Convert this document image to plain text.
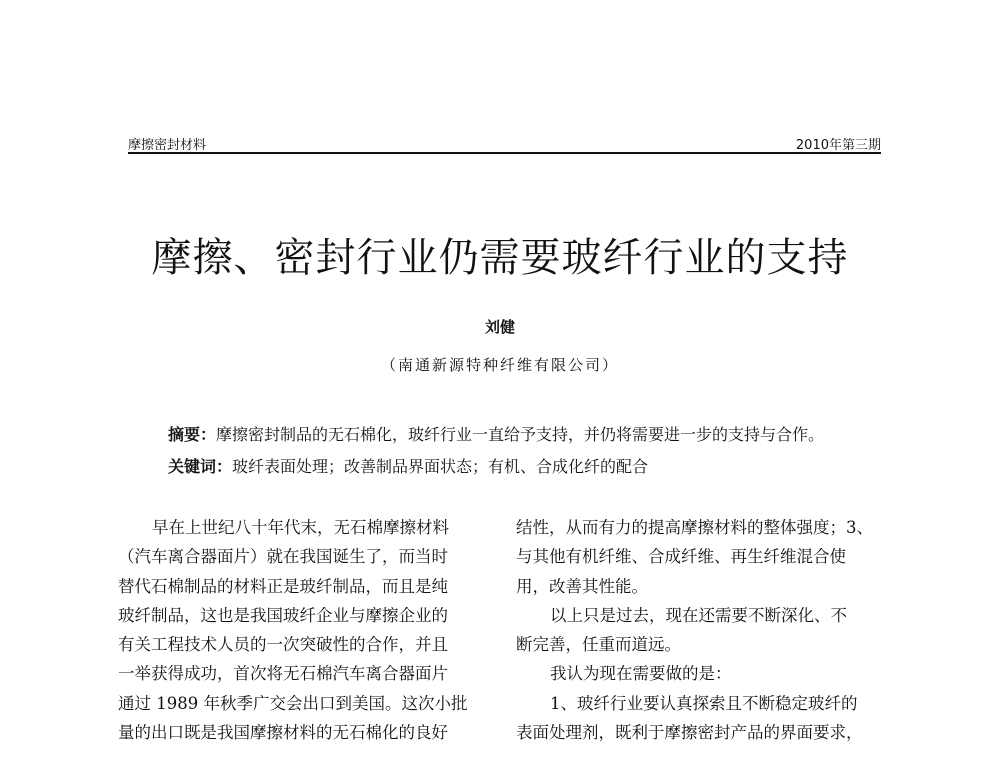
摩擦密封材料	2010年第三期
摩擦、密封行业仍需要玻纤行业的支持
刘健
（南通新源特种纤维有限公司）
摘要：摩擦密封制品的无石棉化，玻纤行业一直给予支持，并仍将需要进一步的支持与合作。
关键词：玻纤表面处理；改善制品界面状态；有机、合成化纤的配合

早在上世纪八十年代末，无石棉摩擦材料

（汽车离合器面片）就在我国诞生了，而当时

替代石棉制品的材料正是玻纤制品，而且是纯

玻纤制品，这也是我国玻纤企业与摩擦企业的

有关工程技术人员的一次突破性的合作，并且

一举获得成功，首次将无石棉汽车离合器面片

通过 1989 年秋季广交会出口到美国。这次小批

量的出口既是我国摩擦材料的无石棉化的良好

结性，从而有力的提高摩擦材料的整体强度；3、

与其他有机纤维、合成纤维、再生纤维混合使

用，改善其性能。

以上只是过去，现在还需要不断深化、不

断完善，任重而道远。

我认为现在需要做的是：

1、玻纤行业要认真探索且不断稳定玻纤的

表面处理剂，既利于摩擦密封产品的界面要求，
